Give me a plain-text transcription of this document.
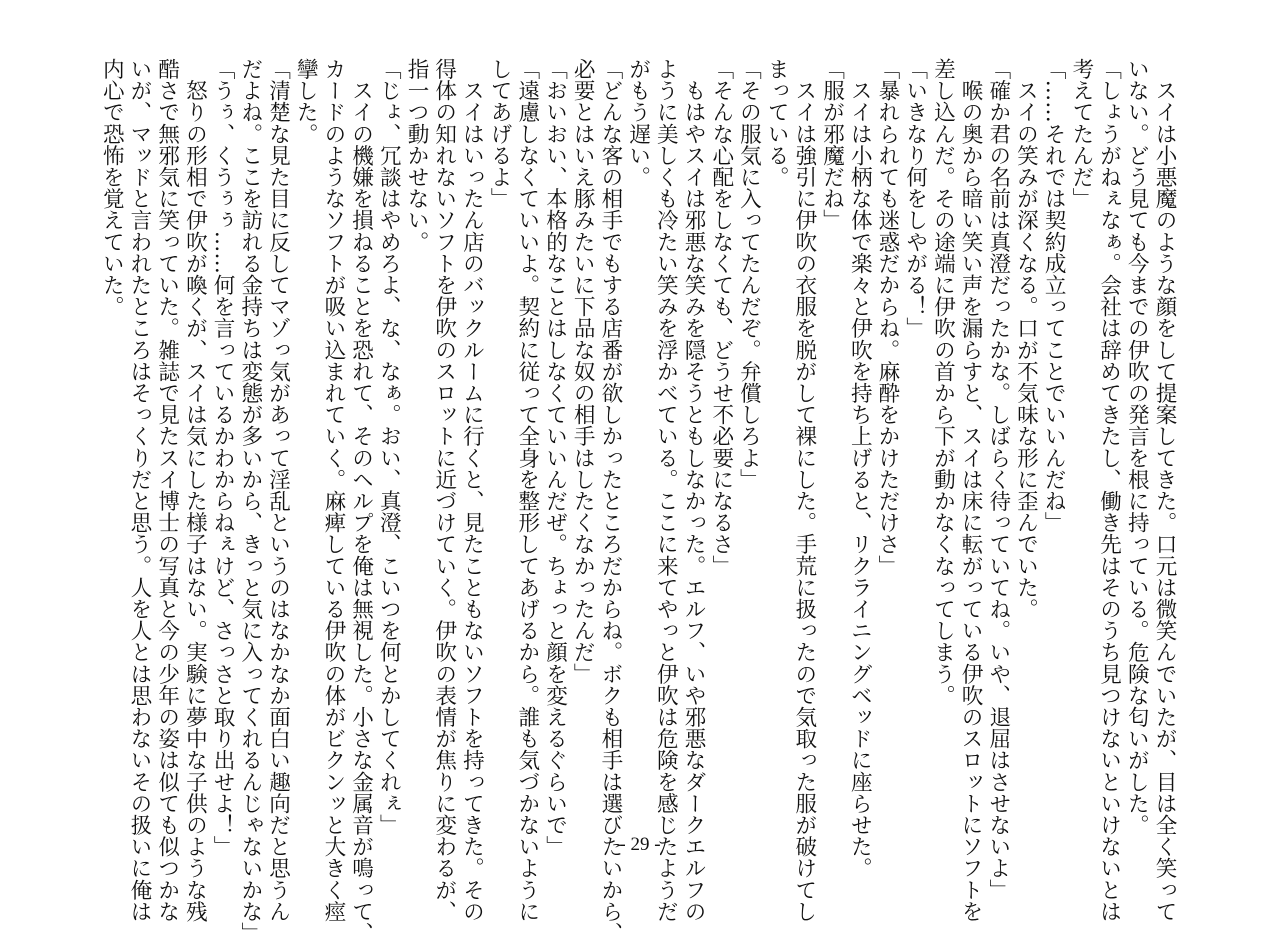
　スイは小悪魔のような顔をして提案してきた。口元は微笑んでいたが、目は全く笑って
いない。どう見ても今までの伊吹の発言を根に持っている。危険な匂いがした。
「しょうがねぇなぁ。会社は辞めてきたし、働き先はそのうち見つけないといけないとは
考えてたんだ」
「……それでは契約成立ってことでいいんだね」
　スイの笑みが深くなる。口が不気味な形に歪んでいた。
「確か君の名前は真澄だったかな。しばらく待っていてね。いや、退屈はさせないよ」
　喉の奥から暗い笑い声を漏らすと、スイは床に転がっている伊吹のスロットにソフトを
差し込んだ。その途端に伊吹の首から下が動かなくなってしまう。
「いきなり何をしやがる！」
「暴れられても迷惑だからね。麻酔をかけただけさ」
　スイは小柄な体で楽々と伊吹を持ち上げると、リクライニングベッドに座らせた。
「服が邪魔だね」
　スイは強引に伊吹の衣服を脱がして裸にした。手荒に扱ったので気取った服が破けてし
まっている。
「その服気に入ってたんだぞ。弁償しろよ」
「そんな心配をしなくても、どうせ不必要になるさ」
　もはやスイは邪悪な笑みを隠そうともしなかった。エルフ、いや邪悪なダークエルフの
ように美しくも冷たい笑みを浮かべている。ここに来てやっと伊吹は危険を感じたようだ
がもう遅い。
「どんな客の相手でもする店番が欲しかったところだからね。ボクも相手は選びたいから、
必要とはいえ豚みたいに下品な奴の相手はしたくなかったんだ」
「おいおい、本格的なことはしなくていいんだぜ。ちょっと顔を変えるぐらいで」
「遠慮しなくていいよ。契約に従って全身を整形してあげるから。誰も気づかないように
してあげるよ」
　スイはいったん店のバックルームに行くと、見たこともないソフトを持ってきた。その
得体の知れないソフトを伊吹のスロットに近づけていく。伊吹の表情が焦りに変わるが、
指一つ動かせない。
「じょ、冗談はやめろよ、な、なぁ。おい、真澄、こいつを何とかしてくれぇ」
　スイの機嫌を損ねることを恐れて、そのヘルプを俺は無視した。小さな金属音が鳴って、
カードのようなソフトが吸い込まれていく。麻痺している伊吹の体がビクンッと大きく痙
攣した。
「清楚な見た目に反してマゾっ気があって淫乱というのはなかなか面白い趣向だと思うん
だよね。ここを訪れる金持ちは変態が多いから、きっと気に入ってくれるんじゃないかな」
「うぅ、くうぅぅ……何を言っているかわからねぇけど、さっさと取り出せよ！」
　怒りの形相で伊吹が喚くが、スイは気にした様子はない。実験に夢中な子供のような残
酷さで無邪気に笑っていた。雑誌で見たスイ博士の写真と今の少年の姿は似ても似つかな
いが、マッドと言われたところはそっくりだと思う。人を人とは思わないその扱いに俺は
内心で恐怖を覚えていた。
- 29 -
